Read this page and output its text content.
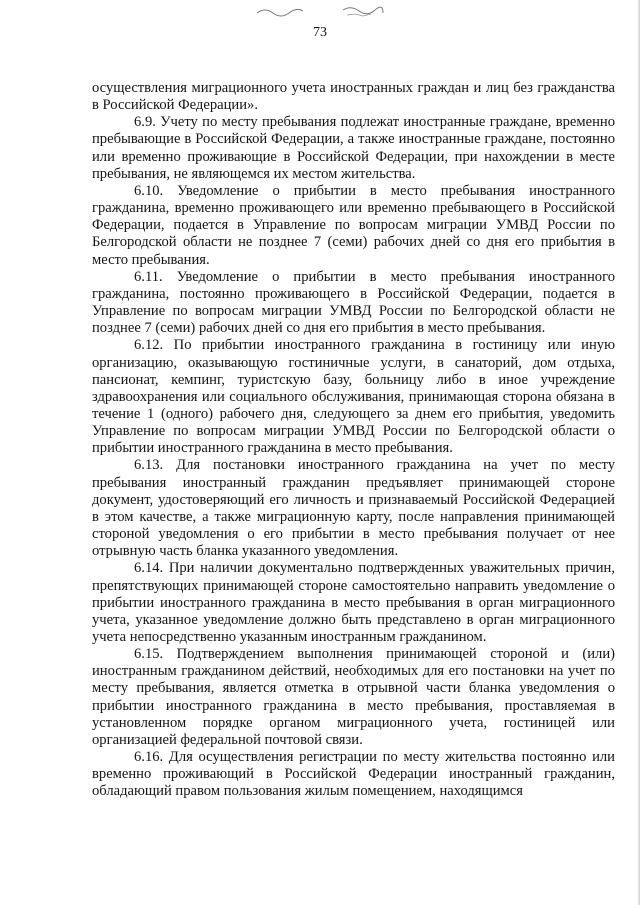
73

осуществления миграционного учета иностранных граждан и лиц без гражданства в Российской Федерации».

6.9. Учету по месту пребывания подлежат иностранные граждане, временно пребывающие в Российской Федерации, а также иностранные граждане, постоянно или временно проживающие в Российской Федерации, при нахождении в месте пребывания, не являющемся их местом жительства.

6.10. Уведомление о прибытии в место пребывания иностранного гражданина, временно проживающего или временно пребывающего в Российской Федерации, подается в Управление по вопросам миграции УМВД России по Белгородской области не позднее 7 (семи) рабочих дней со дня его прибытия в место пребывания.

6.11. Уведомление о прибытии в место пребывания иностранного гражданина, постоянно проживающего в Российской Федерации, подается в Управление по вопросам миграции УМВД России по Белгородской области не позднее 7 (семи) рабочих дней со дня его прибытия в место пребывания.

6.12. По прибытии иностранного гражданина в гостиницу или иную организацию, оказывающую гостиничные услуги, в санаторий, дом отдыха, пансионат, кемпинг, туристскую базу, больницу либо в иное учреждение здравоохранения или социального обслуживания, принимающая сторона обязана в течение 1 (одного) рабочего дня, следующего за днем его прибытия, уведомить Управление по вопросам миграции УМВД России по Белгородской области о прибытии иностранного гражданина в место пребывания.

6.13. Для постановки иностранного гражданина на учет по месту пребывания иностранный гражданин предъявляет принимающей стороне документ, удостоверяющий его личность и признаваемый Российской Федерацией в этом качестве, а также миграционную карту, после направления принимающей стороной уведомления о его прибытии в место пребывания получает от нее отрывную часть бланка указанного уведомления.

6.14. При наличии документально подтвержденных уважительных причин, препятствующих принимающей стороне самостоятельно направить уведомление о прибытии иностранного гражданина в место пребывания в орган миграционного учета, указанное уведомление должно быть представлено в орган миграционного учета непосредственно указанным иностранным гражданином.

6.15. Подтверждением выполнения принимающей стороной и (или) иностранным гражданином действий, необходимых для его постановки на учет по месту пребывания, является отметка в отрывной части бланка уведомления о прибытии иностранного гражданина в место пребывания, проставляемая в установленном порядке органом миграционного учета, гостиницей или организацией федеральной почтовой связи.

6.16. Для осуществления регистрации по месту жительства постоянно или временно проживающий в Российской Федерации иностранный гражданин, обладающий правом пользования жилым помещением, находящимся
